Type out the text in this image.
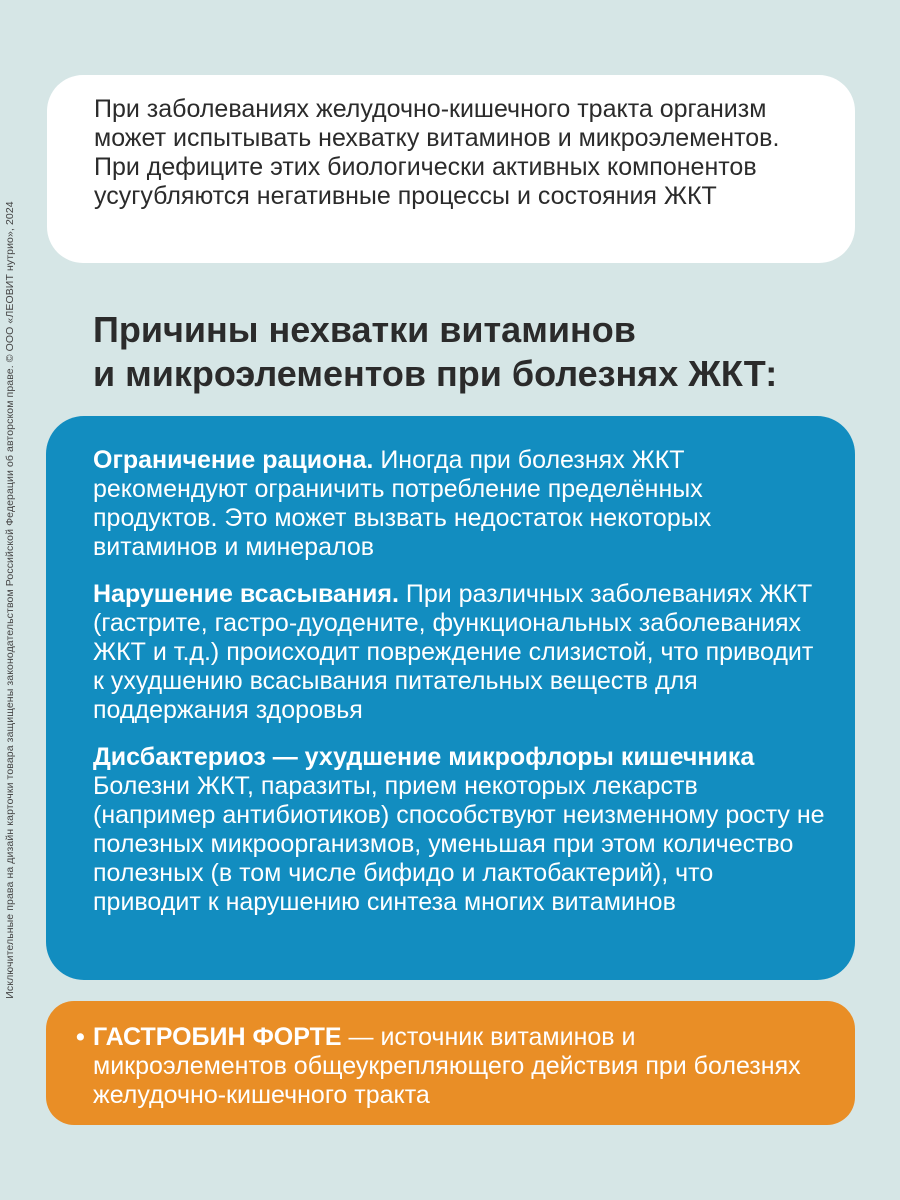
Исключительные права на дизайн карточки товара защищены законодательством Российской Федерации об авторском праве. © ООО «ЛЕОВИТ нутрио», 2024

При заболеваниях желудочно-кишечного тракта организм может испытывать нехватку витаминов и микроэлементов. При дефиците этих биологически активных компонентов усугубляются негативные процессы и состояния ЖКТ

Причины нехватки витаминов
и микроэлементов при болезнях ЖКТ:

Ограничение рациона. Иногда при болезнях ЖКТ рекомендуют ограничить потребление пределённых продуктов. Это может вызвать недостаток некоторых витаминов и минералов

Нарушение всасывания. При различных заболеваниях ЖКТ (гастрите, гастро-дуодените, функциональных заболеваниях ЖКТ и т.д.) происходит повреждение слизистой, что приводит к ухудшению всасывания питательных веществ для поддержания здоровья

Дисбактериоз — ухудшение микрофлоры кишечника
Болезни ЖКТ, паразиты, прием некоторых лекарств (например антибиотиков) способствуют неизменному росту не полезных микроорганизмов, уменьшая при этом количество полезных (в том числе бифидо и лактобактерий), что приводит к нарушению синтеза многих витаминов

• ГАСТРОБИН ФОРТЕ — источник витаминов и микроэлементов общеукрепляющего действия при болезнях желудочно-кишечного тракта
